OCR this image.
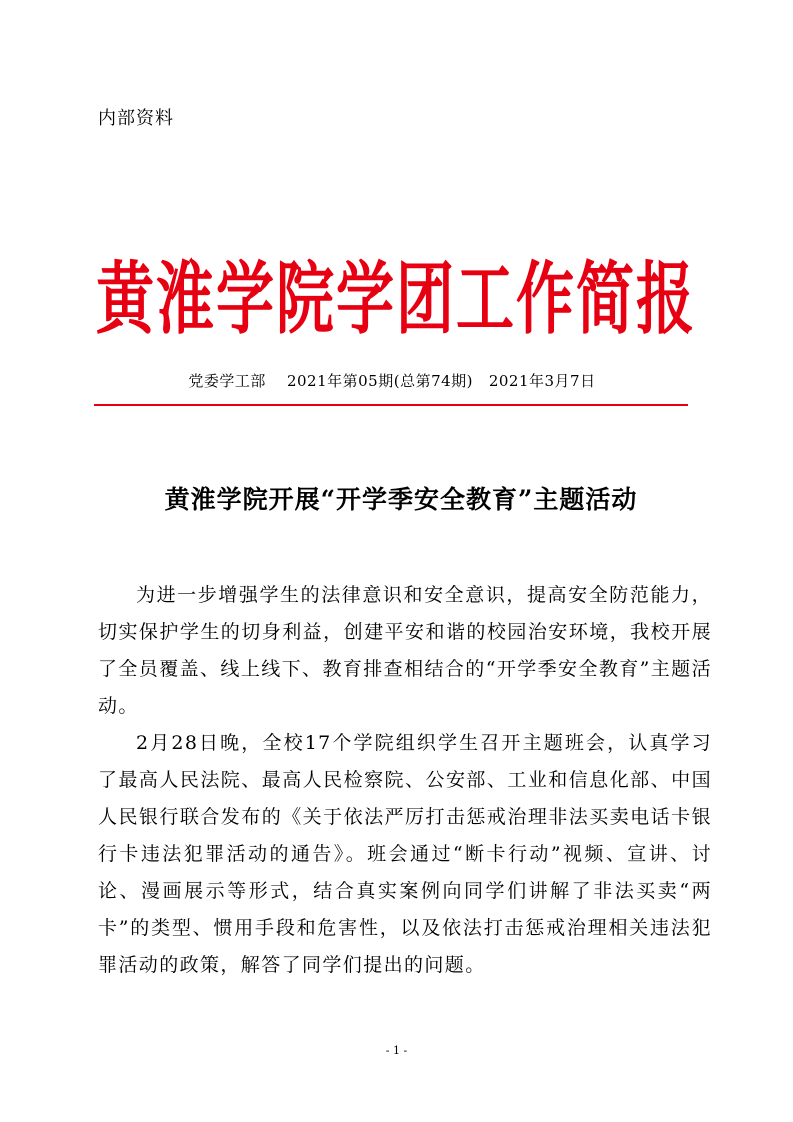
内部资料
黄淮学院学团工作简报
党委学工部    2021年第05期(总第74期)   2021年3月7日
黄淮学院开展“开学季安全教育”主题活动

为进一步增强学生的法律意识和安全意识，提高安全防范能力，切实保护学生的切身利益，创建平安和谐的校园治安环境，我校开展了全员覆盖、线上线下、教育排查相结合的“开学季安全教育”主题活动。

2月28日晚，全校17个学院组织学生召开主题班会，认真学习了最高人民法院、最高人民检察院、公安部、工业和信息化部、中国人民银行联合发布的《关于依法严厉打击惩戒治理非法买卖电话卡银行卡违法犯罪活动的通告》。班会通过“断卡行动”视频、宣讲、讨论、漫画展示等形式，结合真实案例向同学们讲解了非法买卖“两卡”的类型、惯用手段和危害性，以及依法打击惩戒治理相关违法犯罪活动的政策，解答了同学们提出的问题。

- 1 -
